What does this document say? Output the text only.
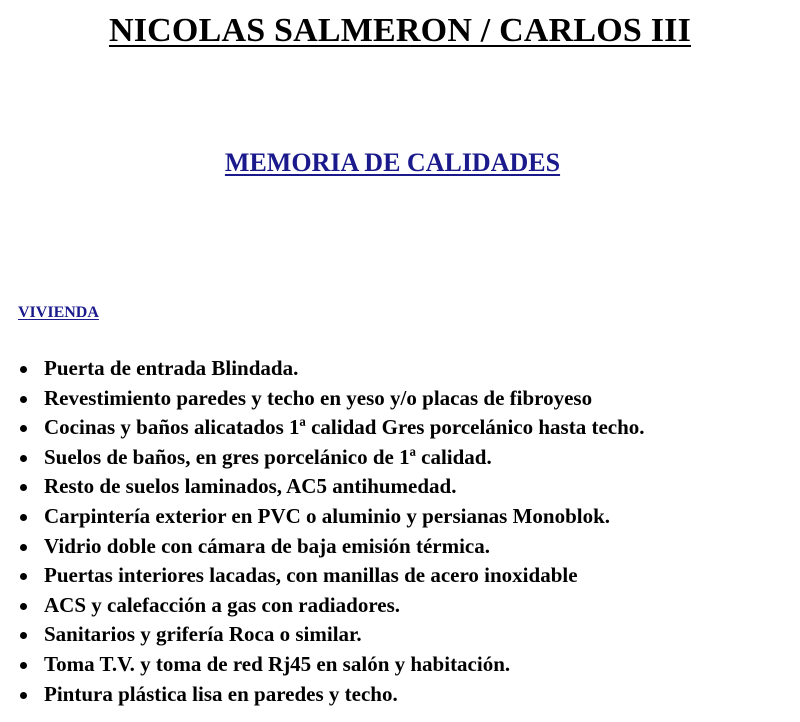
NICOLAS SALMERON / CARLOS III
MEMORIA DE CALIDADES
VIVIENDA
Puerta de entrada Blindada.
Revestimiento paredes y techo en yeso y/o placas de fibroyeso
Cocinas y baños alicatados 1ª calidad Gres porcelánico hasta techo.
Suelos de baños, en gres porcelánico de 1ª calidad.
Resto de suelos laminados, AC5 antihumedad.
Carpintería exterior en PVC o aluminio y persianas Monoblok.
Vidrio doble con cámara de baja emisión térmica.
Puertas interiores lacadas, con manillas de acero inoxidable
ACS y calefacción a gas con radiadores.
Sanitarios y grifería Roca o similar.
Toma T.V. y toma de red Rj45 en salón y habitación.
Pintura plástica lisa en paredes y techo.
